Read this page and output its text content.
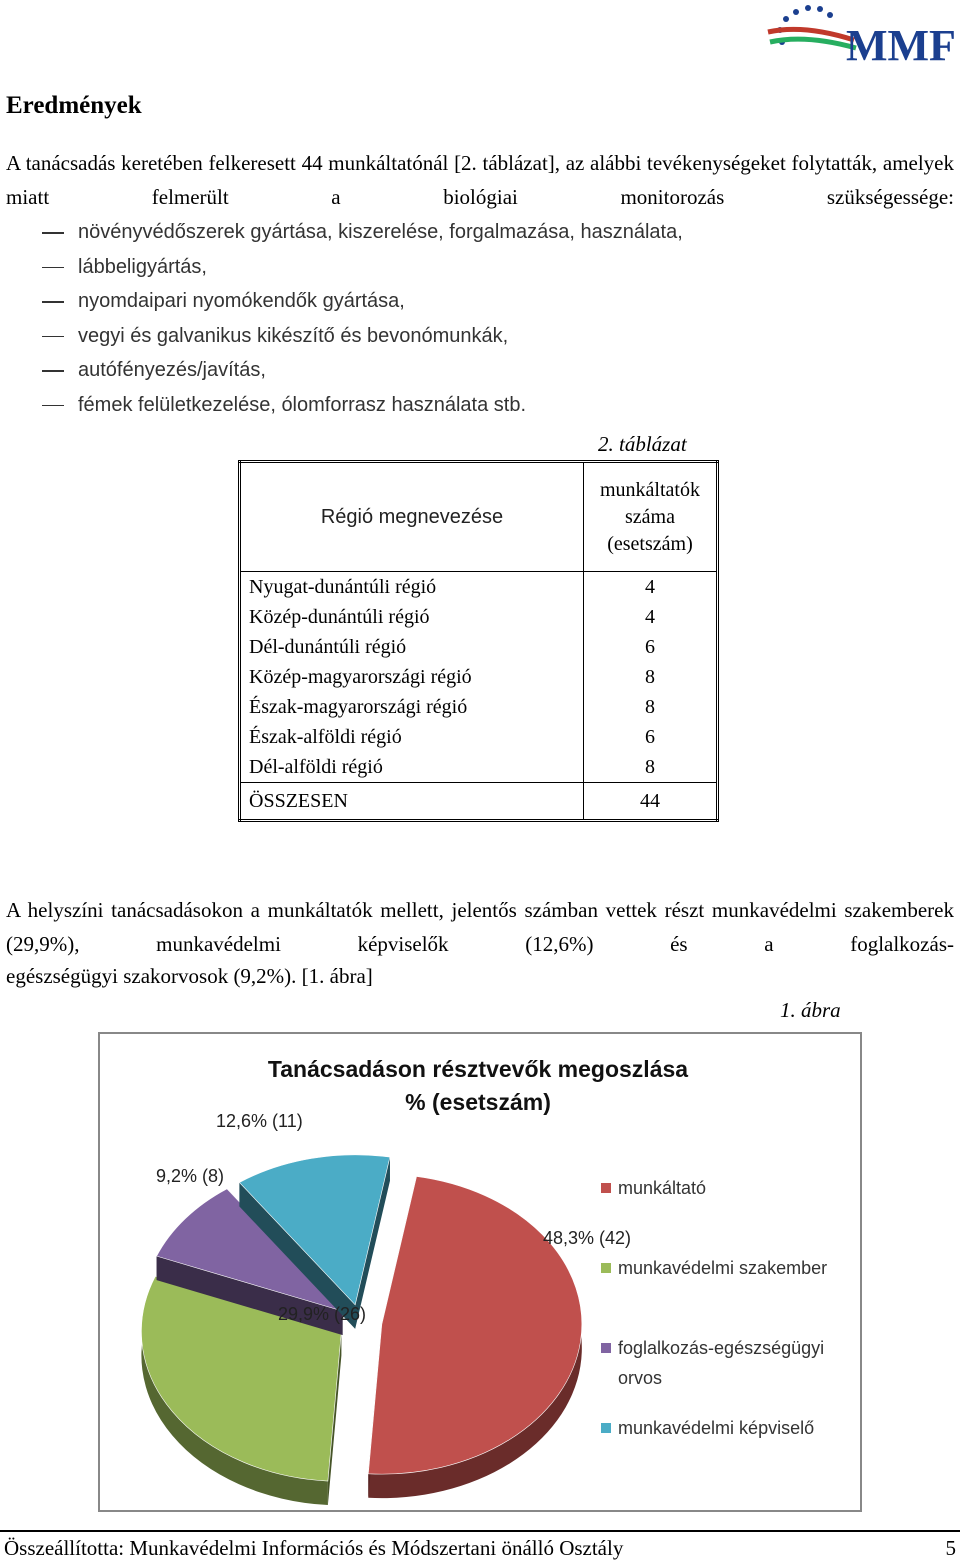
MMF
Eredmények

A tanácsadás keretében felkeresett 44 munkáltatónál [2. táblázat], az alábbi tevékenységeket folytatták, amelyek miatt felmerült a biológiai monitorozás szükségessége:

növényvédőszerek gyártása, kiszerelése, forgalmazása, használata,
lábbeligyártás,
nyomdaipari nyomókendők gyártása,
vegyi és galvanikus kikészítő és bevonómunkák,
autófényezés/javítás,
fémek felületkezelése, ólomforrasz használata stb.
2. táblázat
Régió megnevezése	munkáltatók száma (esetszám)
Nyugat-dunántúli régió	4
Közép-dunántúli régió	4
Dél-dunántúli régió	6
Közép-magyarországi régió	8
Észak-magyarországi régió	8
Észak-alföldi régió	6
Dél-alföldi régió	8
ÖSSZESEN	44

A helyszíni tanácsadásokon a munkáltatók mellett, jelentős számban vettek részt munkavédelmi szakemberek (29,9%), munkavédelmi képviselők (12,6%) és a foglalkozás-

egészségügyi szakorvosok (9,2%). [1. ábra]

1. ábra
Tanácsadáson résztvevők megoszlása
% (esetszám)
48,3% (42)
29,9% (26)
9,2% (8)
12,6% (11)
munkáltató
munkavédelmi szakember
foglalkozás-egészségügyi
orvos
munkavédelmi képviselő
Összeállította: Munkavédelmi Információs és Módszertani önálló Osztály	5
